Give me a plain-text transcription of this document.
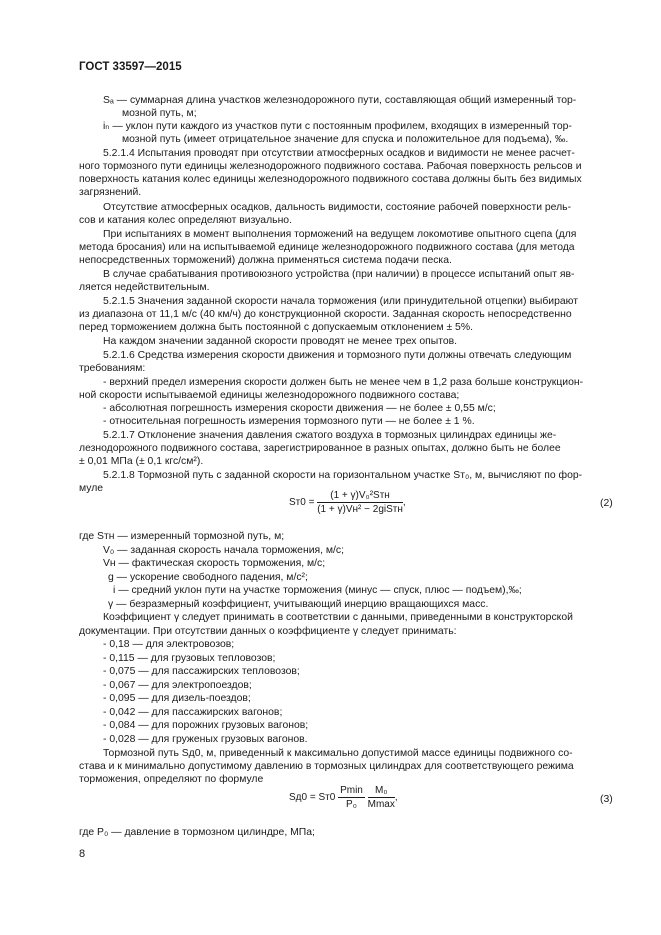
ГОСТ 33597—2015
Sₐ — суммарная длина участков железнодорожного пути, составляющая общий измеренный тор-
мозной путь, м;
iₙ — уклон пути каждого из участков пути с постоянным профилем, входящих в измеренный тор-
мозной путь (имеет отрицательное значение для спуска и положительное для подъема), ‰.
5.2.1.4 Испытания проводят при отсутствии атмосферных осадков и видимости не менее расчет-
ного тормозного пути единицы железнодорожного подвижного состава. Рабочая поверхность рельсов и
поверхность катания колес единицы железнодорожного подвижного состава должны быть без видимых
загрязнений.
Отсутствие атмосферных осадков, дальность видимости, состояние рабочей поверхности рель-
сов и катания колес определяют визуально.
При испытаниях в момент выполнения торможений на ведущем локомотиве опытного сцепа (для
метода бросания) или на испытываемой единице железнодорожного подвижного состава (для метода
непосредственных торможений) должна применяться система подачи песка.
В случае срабатывания противоюзного устройства (при наличии) в процессе испытаний опыт яв-
ляется недействительным.
5.2.1.5 Значения заданной скорости начала торможения (или принудительной отцепки) выбирают
из диапазона от 11,1 м/с (40 км/ч) до конструкционной скорости. Заданная скорость непосредственно
перед торможением должна быть постоянной с допускаемым отклонением ± 5%.
На каждом значении заданной скорости проводят не менее трех опытов.
5.2.1.6 Средства измерения скорости движения и тормозного пути должны отвечать следующим
требованиям:
- верхний предел измерения скорости должен быть не менее чем в 1,2 раза больше конструкцион-
ной скорости испытываемой единицы железнодорожного подвижного состава;
- абсолютная погрешность измерения скорости движения — не более ± 0,55 м/с;
- относительная погрешность измерения тормозного пути — не более ± 1 %.
5.2.1.7 Отклонение значения давления сжатого воздуха в тормозных цилиндрах единицы же-
лезнодорожного подвижного состава, зарегистрированное в разных опытах, должно быть не более
± 0,01 МПа (± 0,1 кгс/см²).
5.2.1.8 Тормозной путь с заданной скорости на горизонтальном участке Sᴛ₀, м, вычисляют по фор-
муле
$Sт0 = \frac{\text{(1 + γ)V₀²Sтн}}{\text{(1 + γ)Vн² − 2giSтн}}$ ,	(2)
где Sтн — измеренный тормозной путь, м;
V₀ — заданная скорость начала торможения, м/с;
Vн — фактическая скорость торможения, м/с;
g — ускорение свободного падения, м/с²;
i — средний уклон пути на участке торможения (минус — спуск, плюс — подъем),‰;
γ — безразмерный коэффициент, учитывающий инерцию вращающихся масс.
Коэффициент γ следует принимать в соответствии с данными, приведенными в конструкторской
документации. При отсутствии данных о коэффициенте γ следует принимать:
- 0,18 — для электровозов;
- 0,115 — для грузовых тепловозов;
- 0,075 — для пассажирских тепловозов;
- 0,067 — для электропоездов;
- 0,095 — для дизель-поездов;
- 0,042 — для пассажирских вагонов;
- 0,084 — для порожних грузовых вагонов;
- 0,028 — для груженых грузовых вагонов.
Тормозной путь Sд0, м, приведенный к максимально допустимой массе единицы подвижного со-
става и к минимально допустимому давлению в тормозных цилиндрах для соответствующего режима
торможения, определяют по формуле
$Sд0 = Sт0 \frac{Pmin}{\text{P₀}}$
$\frac{\text{M₀}}{Mmax}$ ,	(3)
где P₀ — давление в тормозном цилиндре, МПа;
8
